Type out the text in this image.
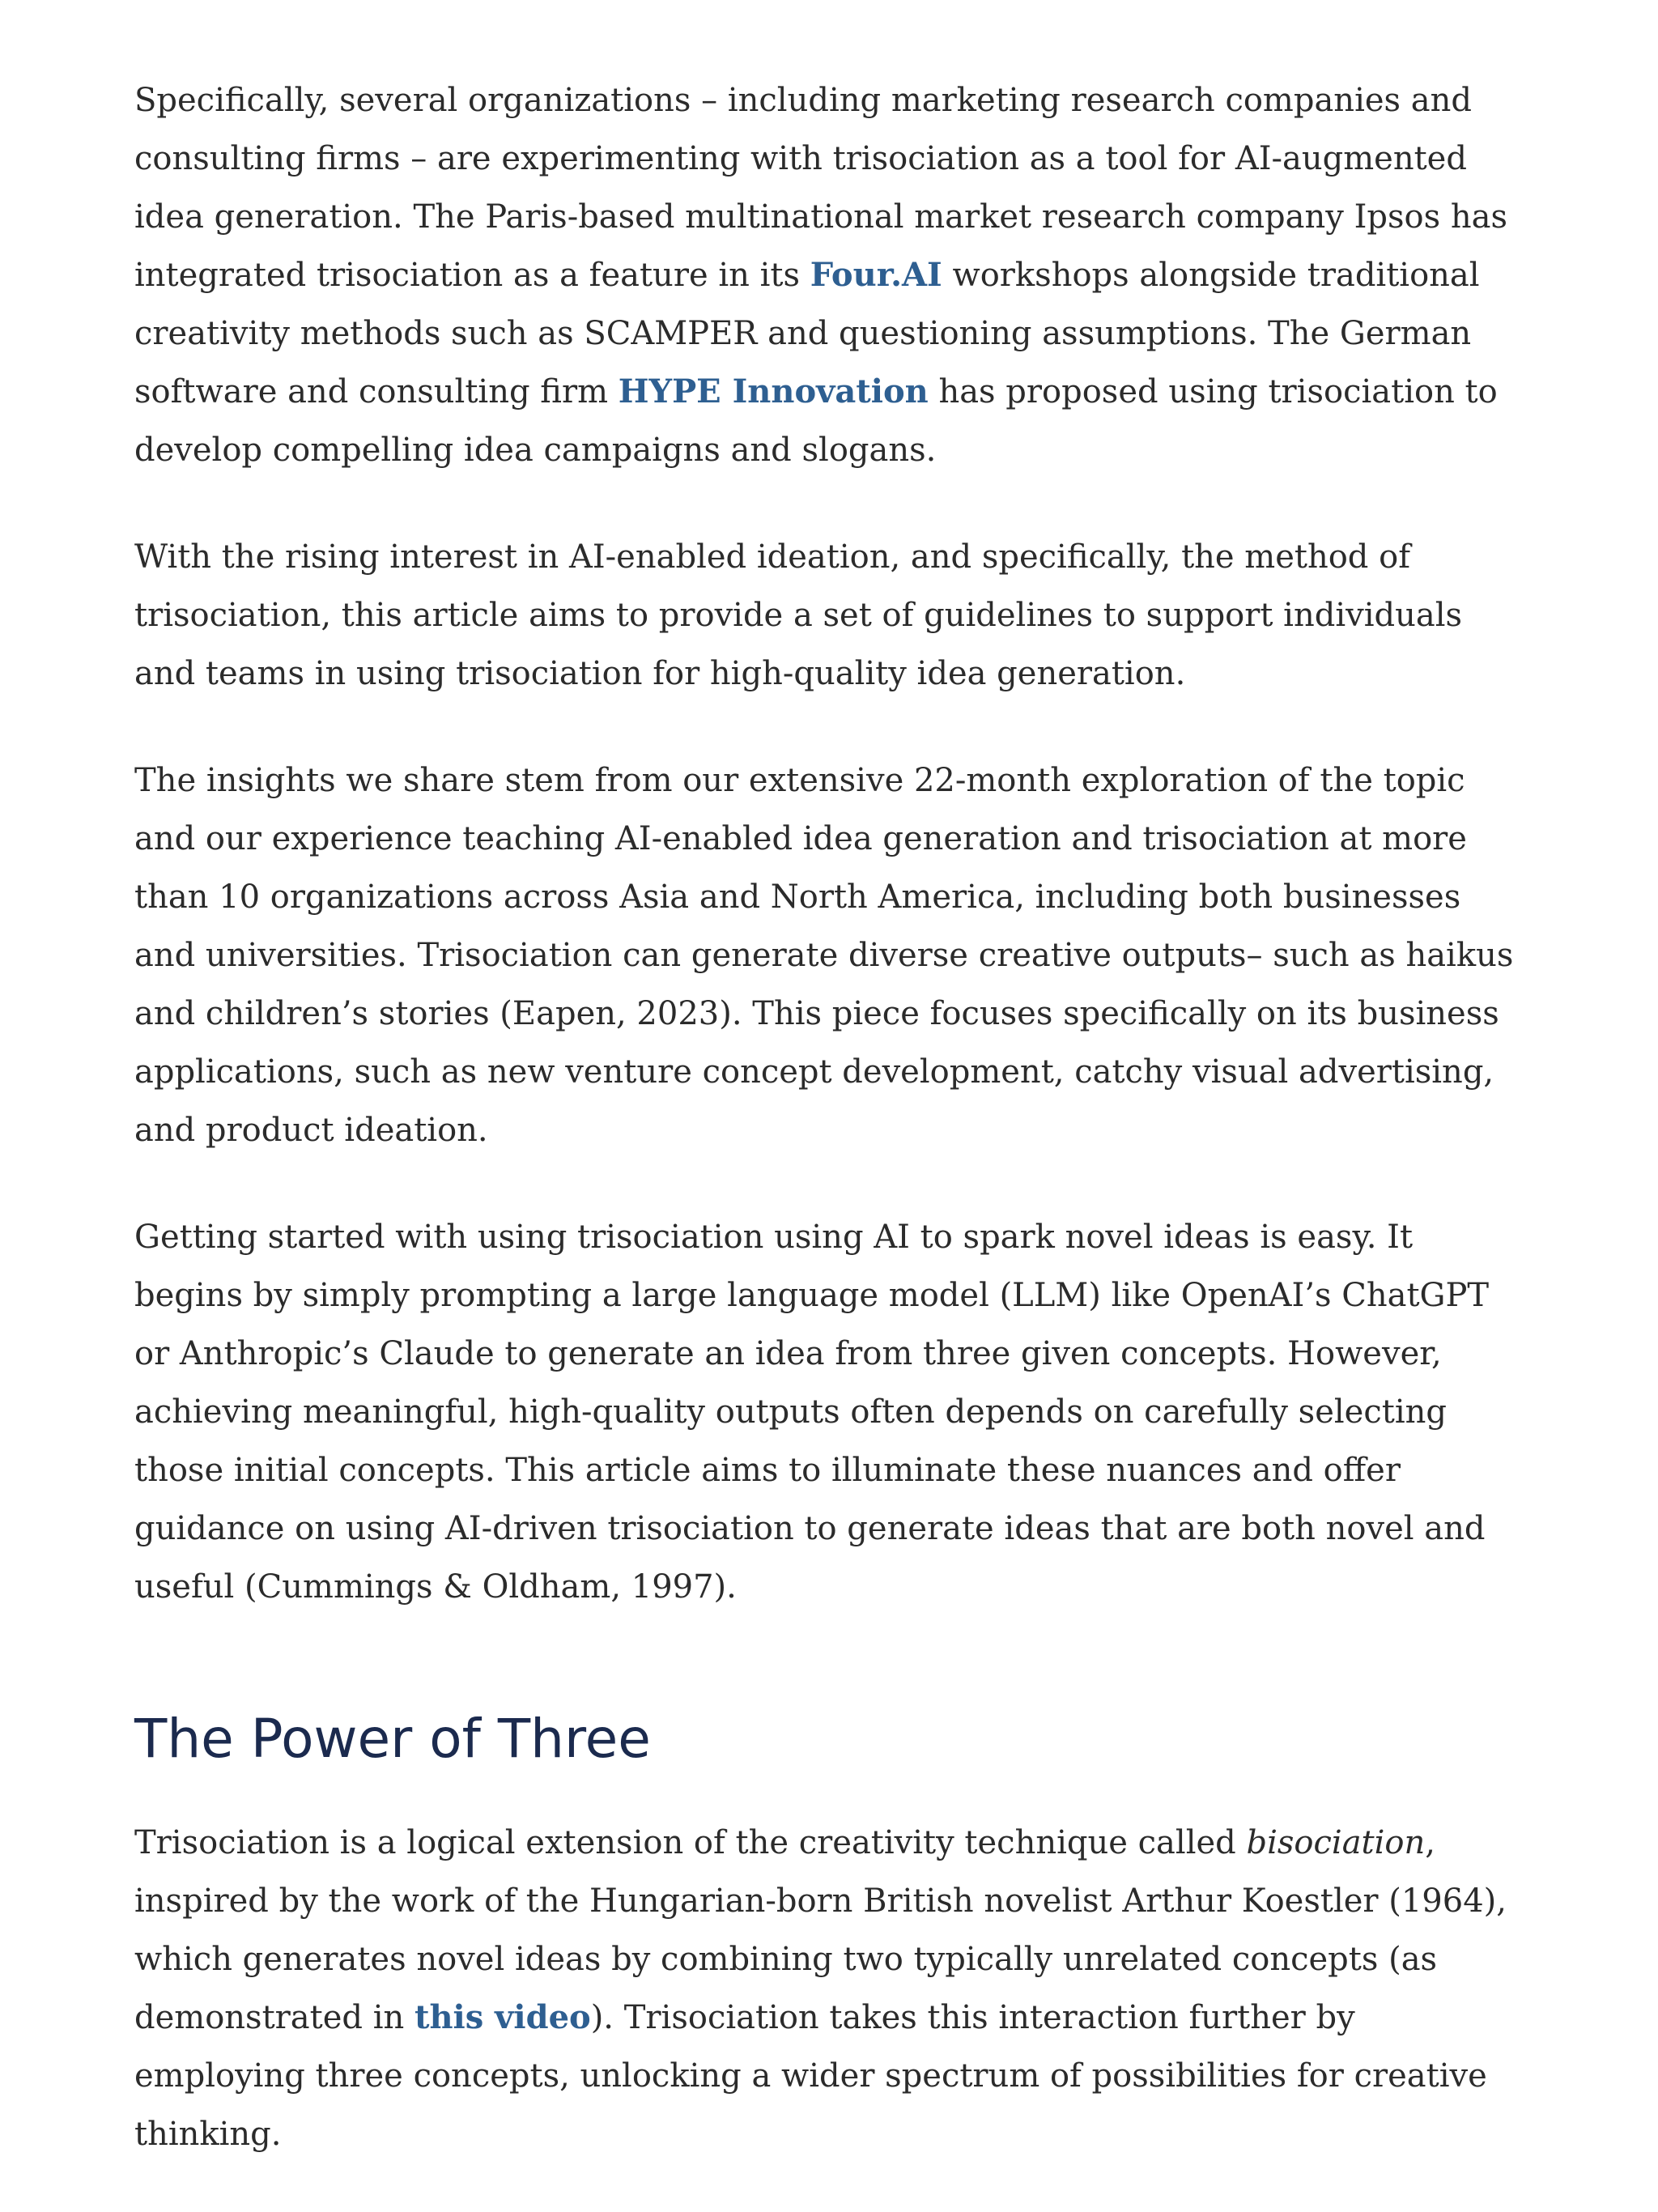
Specifically, several organizations – including marketing research companies and consulting firms – are experimenting with trisociation as a tool for AI-augmented idea generation. The Paris-based multinational market research company Ipsos has integrated trisociation as a feature in its Four.AI workshops alongside traditional creativity methods such as SCAMPER and questioning assumptions. The German software and consulting firm HYPE Innovation has proposed using trisociation to develop compelling idea campaigns and slogans.

With the rising interest in AI-enabled ideation, and specifically, the method of trisociation, this article aims to provide a set of guidelines to support individuals and teams in using trisociation for high-quality idea generation.

The insights we share stem from our extensive 22-month exploration of the topic and our experience teaching AI-enabled idea generation and trisociation at more than 10 organizations across Asia and North America, including both businesses and universities. Trisociation can generate diverse creative outputs– such as haikus and children’s stories (Eapen, 2023). This piece focuses specifically on its business applications, such as new venture concept development, catchy visual advertising, and product ideation.

Getting started with using trisociation using AI to spark novel ideas is easy. It begins by simply prompting a large language model (LLM) like OpenAI’s ChatGPT or Anthropic’s Claude to generate an idea from three given concepts. However, achieving meaningful, high-quality outputs often depends on carefully selecting those initial concepts. This article aims to illuminate these nuances and offer guidance on using AI-driven trisociation to generate ideas that are both novel and useful (Cummings & Oldham, 1997).

The Power of Three

Trisociation is a logical extension of the creativity technique called bisociation, inspired by the work of the Hungarian-born British novelist Arthur Koestler (1964), which generates novel ideas by combining two typically unrelated concepts (as demonstrated in this video). Trisociation takes this interaction further by employing three concepts, unlocking a wider spectrum of possibilities for creative thinking.
